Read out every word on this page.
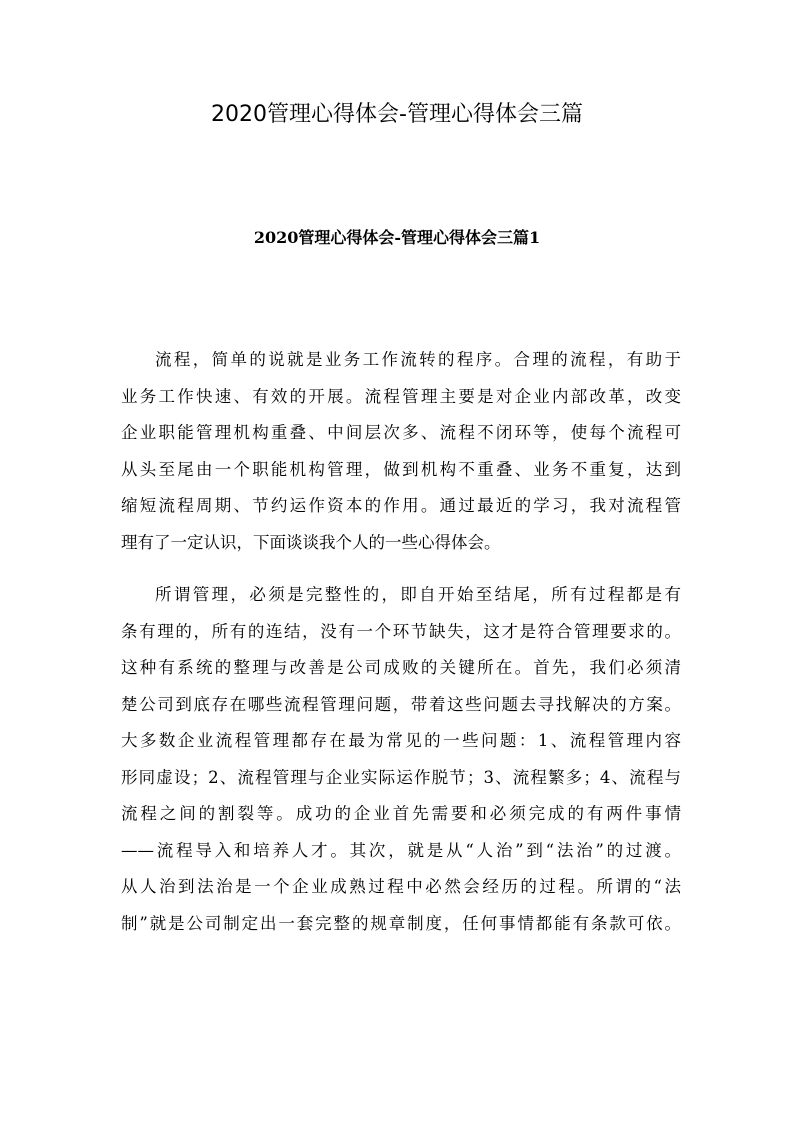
2020管理心得体会-管理心得体会三篇
2020管理心得体会-管理心得体会三篇1

流程，简单的说就是业务工作流转的程序。合理的流程，有助于
业务工作快速、有效的开展。流程管理主要是对企业内部改革，改变
企业职能管理机构重叠、中间层次多、流程不闭环等，使每个流程可
从头至尾由一个职能机构管理，做到机构不重叠、业务不重复，达到
缩短流程周期、节约运作资本的作用。通过最近的学习，我对流程管
理有了一定认识，下面谈谈我个人的一些心得体会。

所谓管理，必须是完整性的，即自开始至结尾，所有过程都是有
条有理的，所有的连结，没有一个环节缺失，这才是符合管理要求的。
这种有系统的整理与改善是公司成败的关键所在。首先，我们必须清
楚公司到底存在哪些流程管理问题，带着这些问题去寻找解决的方案。
大多数企业流程管理都存在最为常见的一些问题：1、流程管理内容
形同虚设；2、流程管理与企业实际运作脱节；3、流程繁多；4、流程与
流程之间的割裂等。成功的企业首先需要和必须完成的有两件事情
——流程导入和培养人才。其次，就是从“人治”到“法治”的过渡。
从人治到法治是一个企业成熟过程中必然会经历的过程。所谓的“法
制”就是公司制定出一套完整的规章制度，任何事情都能有条款可依。
